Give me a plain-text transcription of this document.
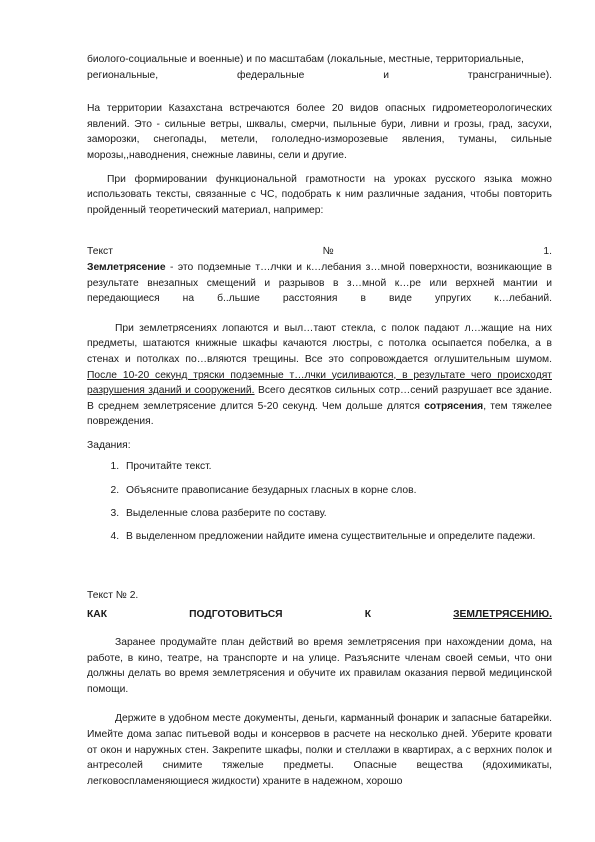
биолого-социальные и военные) и по масштабам (локальные, местные, территориальные,

региональные,	федеральные	и	трансграничные).

На территории Казахстана встречаются более 20 видов опасных гидрометеорологических явлений. Это - сильные ветры, шквалы, смерчи, пыльные бури, ливни и грозы, град, засухи, заморозки, снегопады, метели, гололедно-изморозевые явления, туманы, сильные морозы,,наводнения, снежные лавины, сели и другие.

При формировании функциональной грамотности на уроках русского языка можно использовать тексты, связанные с ЧС, подобрать к ним различные задания, чтобы повторить пройденный теоретический материал, например:

Текст	№	1.

Землетрясение - это подземные т…лчки и к…лебания з…мной поверхности, возникающие в результате внезапных смещений и разрывов в з…мной к…ре или верхней мантии и передающиеся на б..льшие расстояния в виде упругих к…лебаний.

При землетрясениях лопаются и выл…тают стекла, с полок падают л…жащие на них предметы, шатаются книжные шкафы качаются люстры, с потолка осыпается побелка, а в стенах и потолках по…вляются трещины. Все это сопровождается оглушительным шумом. После 10-20 секунд тряски подземные т…лчки усиливаются, в результате чего происходят разрушения зданий и сооружений. Всего десятков сильных сотр…сений разрушает все здание. В среднем землетрясение длится 5-20 секунд. Чем дольше длятся сотрясения, тем тяжелее повреждения.

Задания:

1. Прочитайте текст.
2. Объясните правописание безударных гласных в корне слов.
3. Выделенные слова разберите по составу.
4. В выделенном предложении найдите имена существительные и определите падежи.

Текст № 2.

КАК	ПОДГОТОВИТЬСЯ	К	ЗЕМЛЕТРЯСЕНИЮ.

Заранее продумайте план действий во время землетрясения при нахождении дома, на работе, в кино, театре, на транспорте и на улице. Разъясните членам своей семьи, что они должны делать во время землетрясения и обучите их правилам оказания первой медицинской помощи.

Держите в удобном месте документы, деньги, карманный фонарик и запасные батарейки. Имейте дома запас питьевой воды и консервов в расчете на несколько дней. Уберите кровати от окон и наружных стен. Закрепите шкафы, полки и стеллажи в квартирах, а с верхних полок и антресолей снимите тяжелые предметы. Опасные вещества (ядохимикаты, легковоспламеняющиеся жидкости) храните в надежном, хорошо
